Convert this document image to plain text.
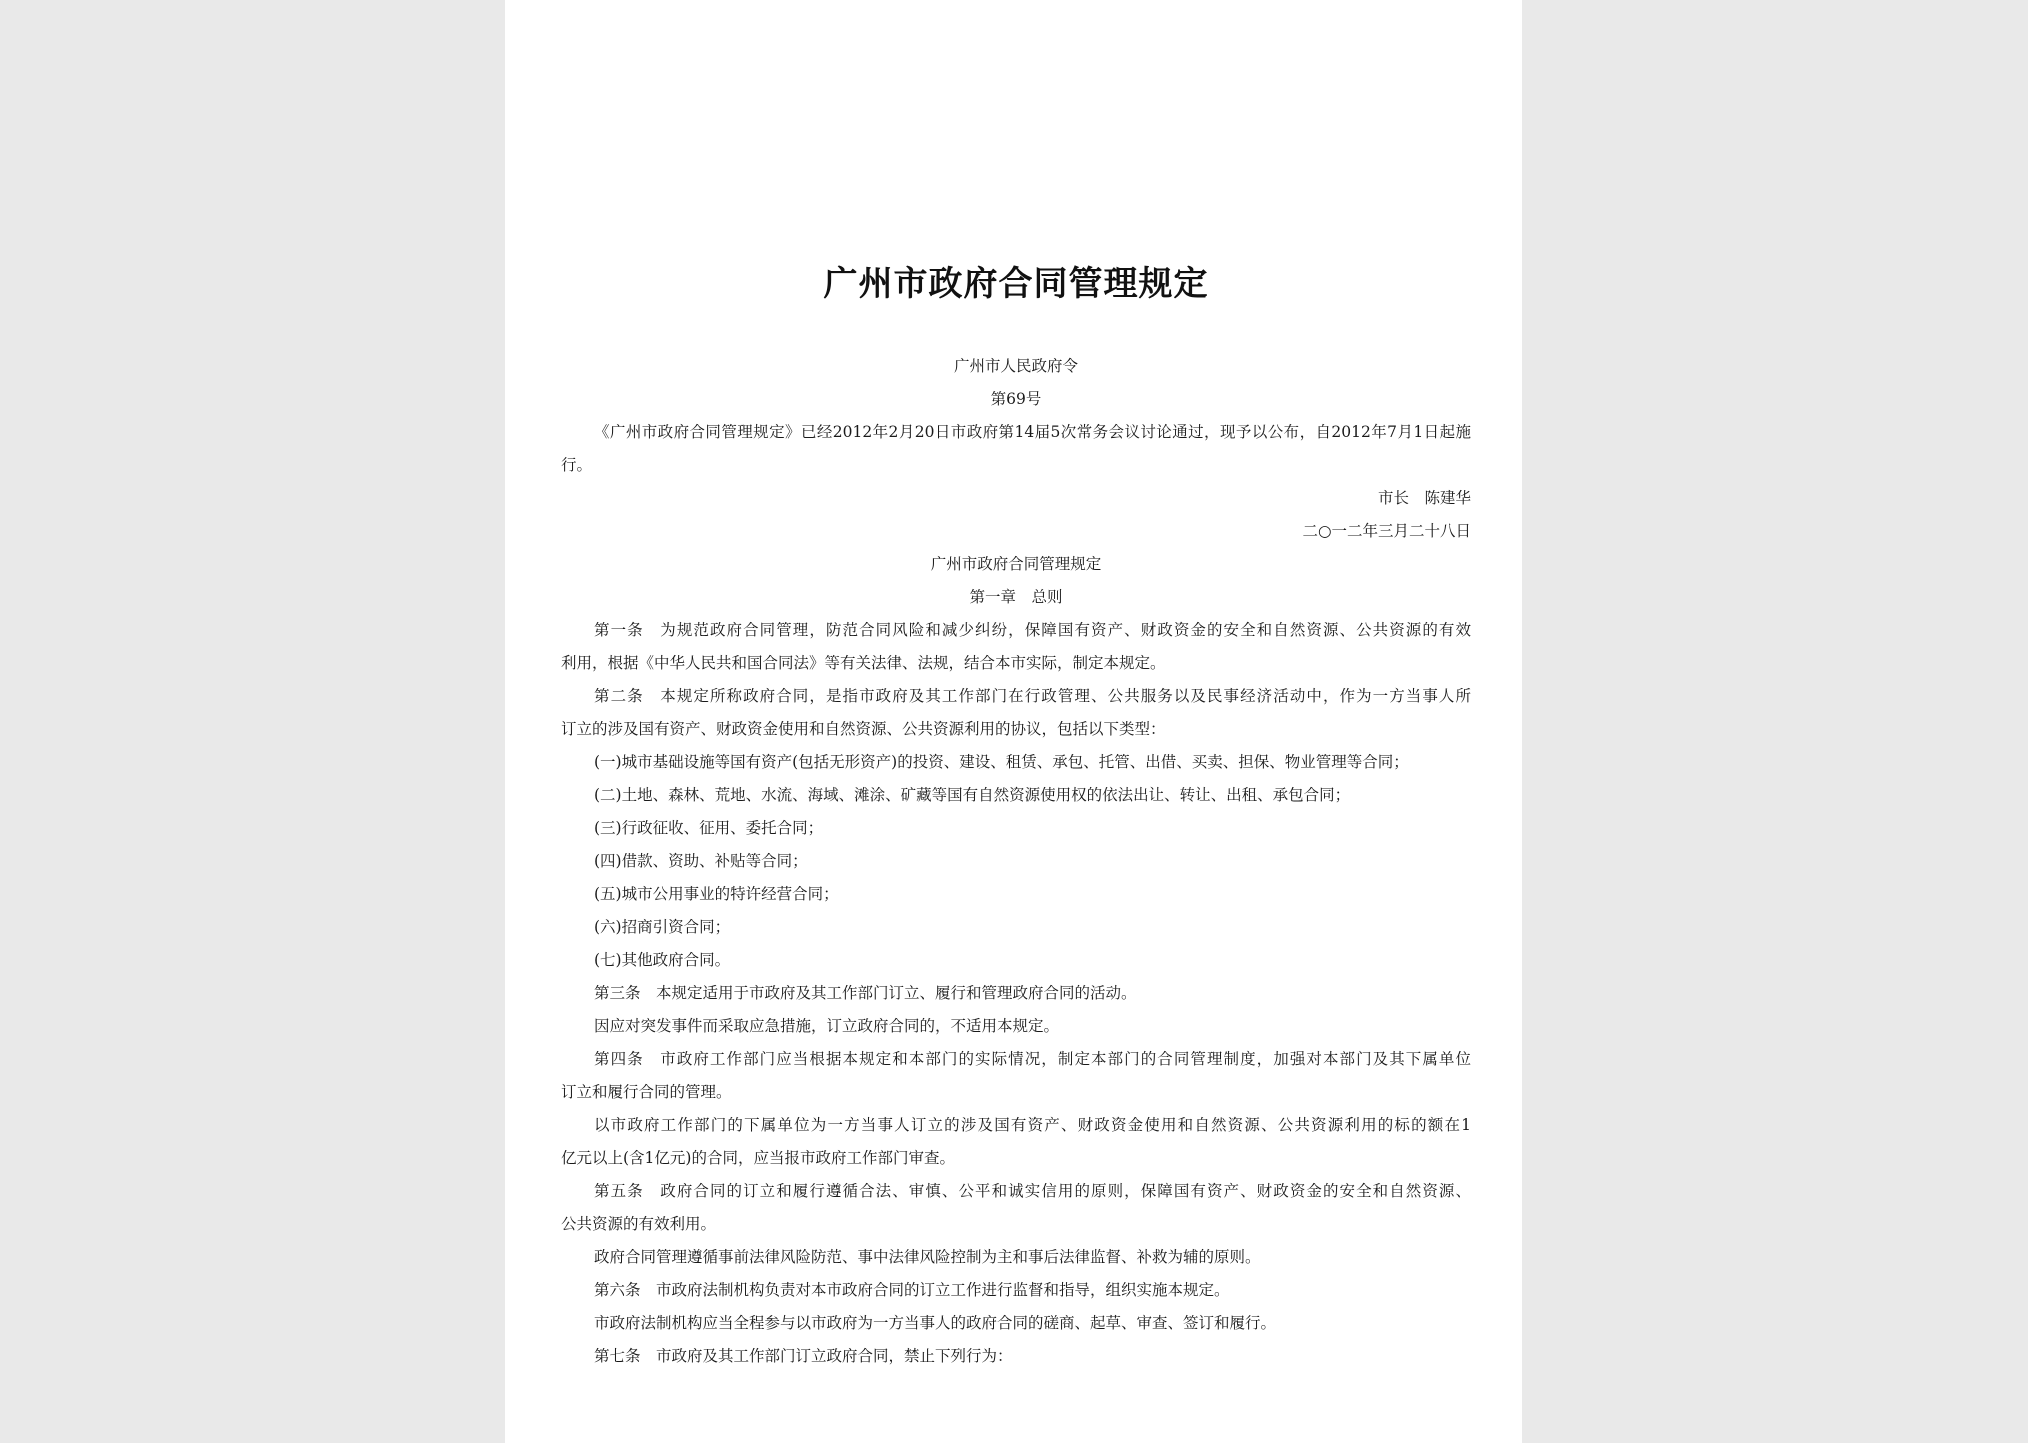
广州市政府合同管理规定
广州市人民政府令
第69号
《广州市政府合同管理规定》已经2012年2月20日市政府第14届5次常务会议讨论通过，现予以公布，自2012年7月1日起施
行。
市长　陈建华
二○一二年三月二十八日
广州市政府合同管理规定
第一章　总则
第一条　为规范政府合同管理，防范合同风险和减少纠纷，保障国有资产、财政资金的安全和自然资源、公共资源的有效
利用，根据《中华人民共和国合同法》等有关法律、法规，结合本市实际，制定本规定。
第二条　本规定所称政府合同，是指市政府及其工作部门在行政管理、公共服务以及民事经济活动中，作为一方当事人所
订立的涉及国有资产、财政资金使用和自然资源、公共资源利用的协议，包括以下类型：
(一)城市基础设施等国有资产(包括无形资产)的投资、建设、租赁、承包、托管、出借、买卖、担保、物业管理等合同；
(二)土地、森林、荒地、水流、海域、滩涂、矿藏等国有自然资源使用权的依法出让、转让、出租、承包合同；
(三)行政征收、征用、委托合同；
(四)借款、资助、补贴等合同；
(五)城市公用事业的特许经营合同；
(六)招商引资合同；
(七)其他政府合同。
第三条　本规定适用于市政府及其工作部门订立、履行和管理政府合同的活动。
因应对突发事件而采取应急措施，订立政府合同的，不适用本规定。
第四条　市政府工作部门应当根据本规定和本部门的实际情况，制定本部门的合同管理制度，加强对本部门及其下属单位
订立和履行合同的管理。
以市政府工作部门的下属单位为一方当事人订立的涉及国有资产、财政资金使用和自然资源、公共资源利用的标的额在1
亿元以上(含1亿元)的合同，应当报市政府工作部门审查。
第五条　政府合同的订立和履行遵循合法、审慎、公平和诚实信用的原则，保障国有资产、财政资金的安全和自然资源、
公共资源的有效利用。
政府合同管理遵循事前法律风险防范、事中法律风险控制为主和事后法律监督、补救为辅的原则。
第六条　市政府法制机构负责对本市政府合同的订立工作进行监督和指导，组织实施本规定。
市政府法制机构应当全程参与以市政府为一方当事人的政府合同的磋商、起草、审查、签订和履行。
第七条　市政府及其工作部门订立政府合同，禁止下列行为：
